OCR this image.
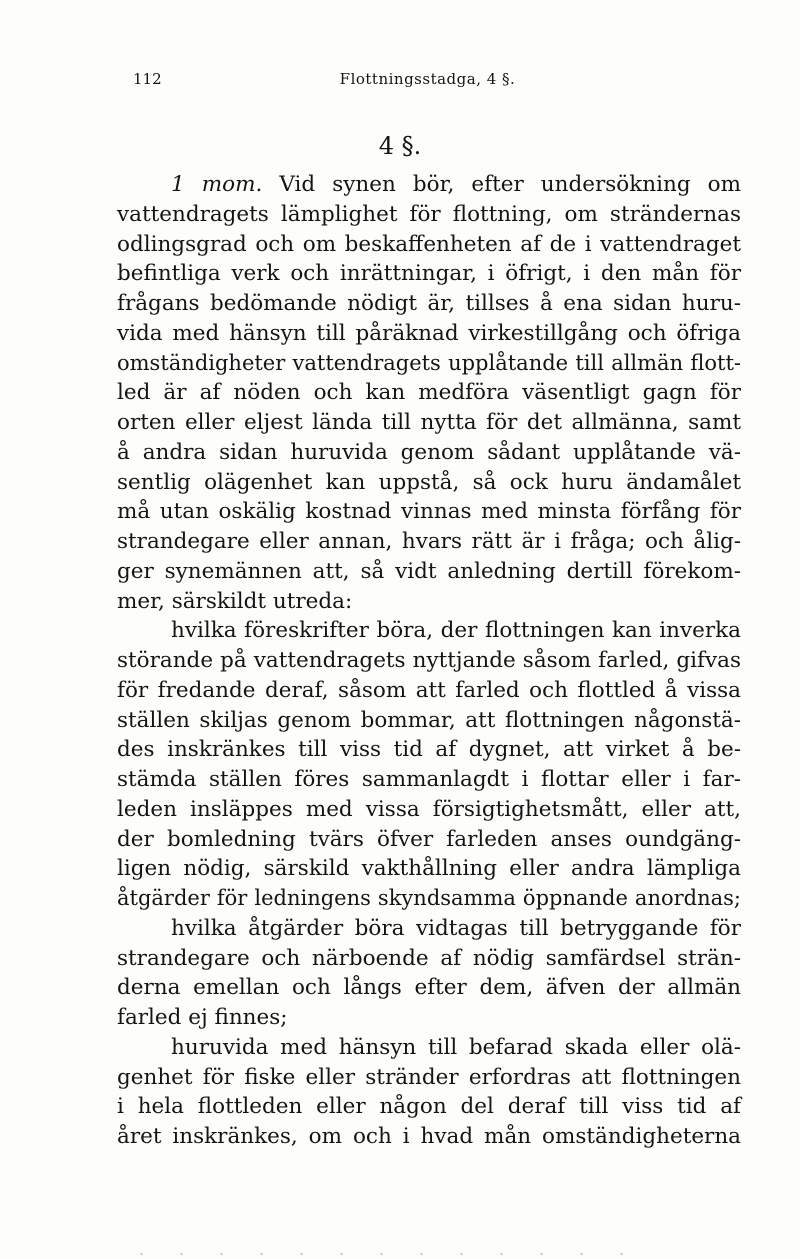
112	Flottningsstadga, 4 §.
4 §.
1 mom. Vid synen bör, efter undersökning om
vattendragets lämplighet för flottning, om strändernas
odlingsgrad och om beskaffenheten af de i vattendraget
befintliga verk och inrättningar, i öfrigt, i den mån för
frågans bedömande nödigt är, tillses å ena sidan huru-
vida med hänsyn till påräknad virkestillgång och öfriga
omständigheter vattendragets upplåtande till allmän flott-
led är af nöden och kan medföra väsentligt gagn för
orten eller eljest lända till nytta för det allmänna, samt
å andra sidan huruvida genom sådant upplåtande vä-
sentlig olägenhet kan uppstå, så ock huru ändamålet
må utan oskälig kostnad vinnas med minsta förfång för
strandegare eller annan, hvars rätt är i fråga; och ålig-
ger synemännen att, så vidt anledning dertill förekom-
mer, särskildt utreda:
hvilka föreskrifter böra, der flottningen kan inverka
störande på vattendragets nyttjande såsom farled, gifvas
för fredande deraf, såsom att farled och flottled å vissa
ställen skiljas genom bommar, att flottningen någonstä-
des inskränkes till viss tid af dygnet, att virket å be-
stämda ställen föres sammanlagdt i flottar eller i far-
leden insläppes med vissa försigtighetsmått, eller att,
der bomledning tvärs öfver farleden anses oundgäng-
ligen nödig, särskild vakthållning eller andra lämpliga
åtgärder för ledningens skyndsamma öppnande anordnas;
hvilka åtgärder böra vidtagas till betryggande för
strandegare och närboende af nödig samfärdsel strän-
derna emellan och långs efter dem, äfven der allmän
farled ej finnes;
huruvida med hänsyn till befarad skada eller olä-
genhet för fiske eller stränder erfordras att flottningen
i hela flottleden eller någon del deraf till viss tid af
året inskränkes, om och i hvad mån omständigheterna
